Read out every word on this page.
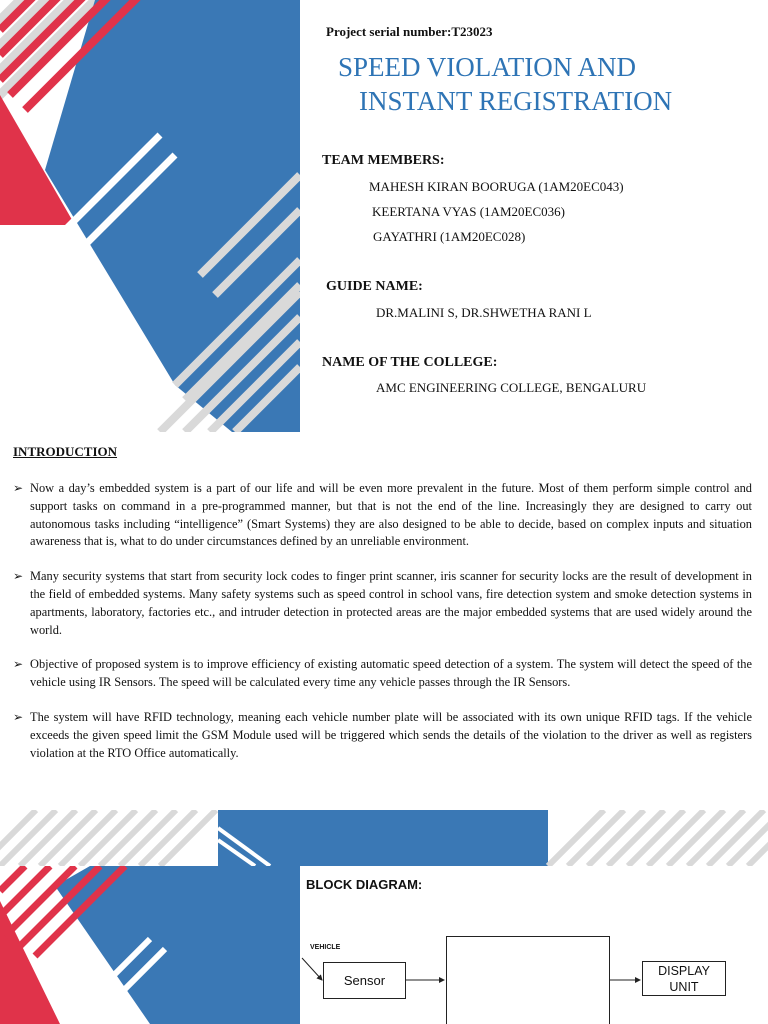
Project serial number:T23023
SPEED VIOLATION AND
INSTANT REGISTRATION
TEAM MEMBERS:
MAHESH KIRAN BOORUGA (1AM20EC043)
KEERTANA VYAS (1AM20EC036)
GAYATHRI (1AM20EC028)
GUIDE NAME:
DR.MALINI S, DR.SHWETHA RANI L
NAME OF THE COLLEGE:
AMC ENGINEERING COLLEGE, BENGALURU
INTRODUCTION
➢ Now a day’s embedded system is a part of our life and will be even more prevalent in the future. Most of them perform simple control and support tasks on command in a pre-programmed manner, but that is not the end of the line. Increasingly they are designed to carry out autonomous tasks including “intelligence” (Smart Systems) they are also designed to be able to decide, based on complex inputs and situation awareness that is, what to do under circumstances defined by an unreliable environment.
➢ Many security systems that start from security lock codes to finger print scanner, iris scanner for security locks are the result of development in the field of embedded systems. Many safety systems such as speed control in school vans, fire detection system and smoke detection systems in apartments, laboratory, factories etc., and intruder detection in protected areas are the major embedded systems that are used widely around the world.
➢ Objective of proposed system is to improve efficiency of existing automatic speed detection of a system. The system will detect the speed of the vehicle using IR Sensors. The speed will be calculated every time any vehicle passes through the IR Sensors.
➢ The system will have RFID technology, meaning each vehicle number plate will be associated with its own unique RFID tags. If the vehicle exceeds the given speed limit the GSM Module used will be triggered which sends the details of the violation to the driver as well as registers violation at the RTO Office automatically.
BLOCK DIAGRAM:
VEHICLE
Sensor
DISPLAY
UNIT
